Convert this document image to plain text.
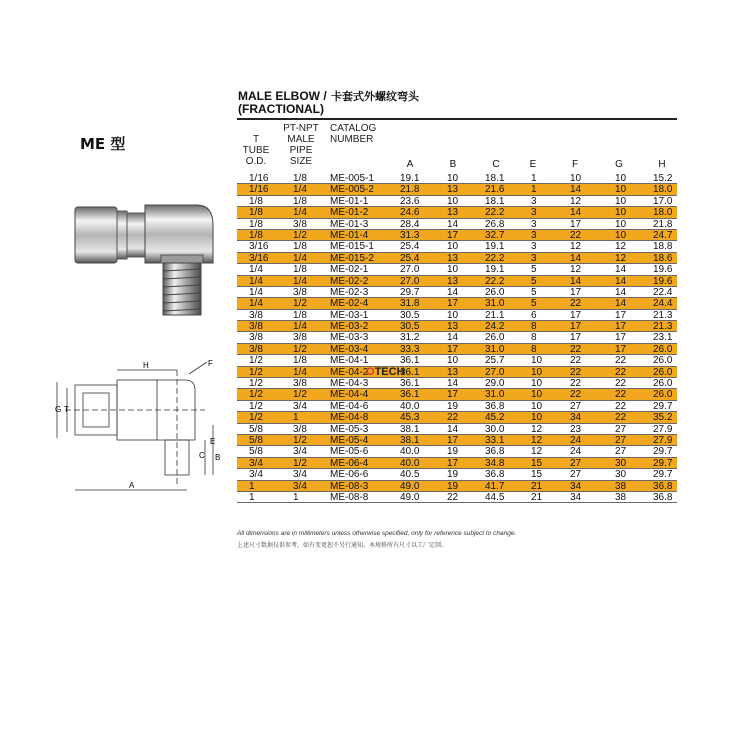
ME 型
H	F
G T
E
C B
A
MALE ELBOW /
(FRACTIONAL)
卡套式外螺纹弯头
T
TUBE
O.D.
PT-NPT
MALE
PIPE
SIZE
CATALOG
NUMBER
A	B	C	E	F	G	H
1/16 1/8 ME-005-1	19.1	10	18.1	1	10	10	15.2
1/16 1/4 ME-005-2	21.8	13	21.6	1	14	10	18.0
1/8	1/8 ME-01-1	23.6	10	18.1	3	12	10	17.0
1/8	1/4 ME-01-2	24.6	13	22.2	3	14	10	18.0
1/8	3/8 ME-01-3	28.4	14	26.8	3	17	10	21.8
1/8	1/2 ME-01-4	31.3	17	32.7	3	22	10	24.7
3/16 1/8 ME-015-1	25.4	10	19.1	3	12	12	18.8
3/16 1/4 ME-015-2	25.4	13	22.2	3	14	12	18.6
1/4	1/8 ME-02-1	27.0	10	19.1	5	12	14	19.6
1/4	1/4 ME-02-2	27.0	13	22.2	5	14	14	19.6
1/4	3/8 ME-02-3	29.7	14	26.0	5	17	14	22.4
1/4	1/2 ME-02-4	31.8	17	31.0	5	22	14	24.4
3/8	1/8 ME-03-1	30.5	10	21.1	6	17	17	21.3
3/8	1/4 ME-03-2	30.5	13	24.2	8	17	17	21.3
3/8	3/8 ME-03-3	31.2	14	26.0	8	17	17	23.1
3/8	1/2 ME-03-4	33.3	17	31.0	8	22	17	26.0
1/2	1/8 ME-04-1	36.1	10	25.7	10	22	22	26.0
1/2	1/4 ME-04-2	36.1	13	27.0	10	22	22	26.0
1/2	3/8 ME-04-3	36.1	14	29.0	10	22	22	26.0
1/2	1/2 ME-04-4	36.1	17	31.0	10	22	22	26.0
1/2	3/4 ME-04-6	40.0	19	36.8	10	27	22	29.7
1/2	1	ME-04-8	45.3	22	45.2	10	34	22	35.2
5/8	3/8 ME-05-3	38.1	14	30.0	12	23	27	27.9
5/8	1/2 ME-05-4	38.1	17	33.1	12	24	27	27.9
5/8	3/4 ME-05-6	40.0	19	36.8	12	24	27	29.7
3/4	1/2 ME-06-4	40.0	17	34.8	15	27	30	29.7
3/4	3/4 ME-06-6	40.5	19	36.8	15	27	30	29.7
1	3/4 ME-08-3	49.0	19	41.7	21	34	38	36.8
1	1	ME-08-8	49.0	22	44.5	21	34	38	36.8
OTECH
All dimensions are in millimeters unless otherwise specified, only for reference subject to change.
上述尺寸数据仅供参考，如有变更恕不另行通知。本规格所有尺寸以工厂定制。
